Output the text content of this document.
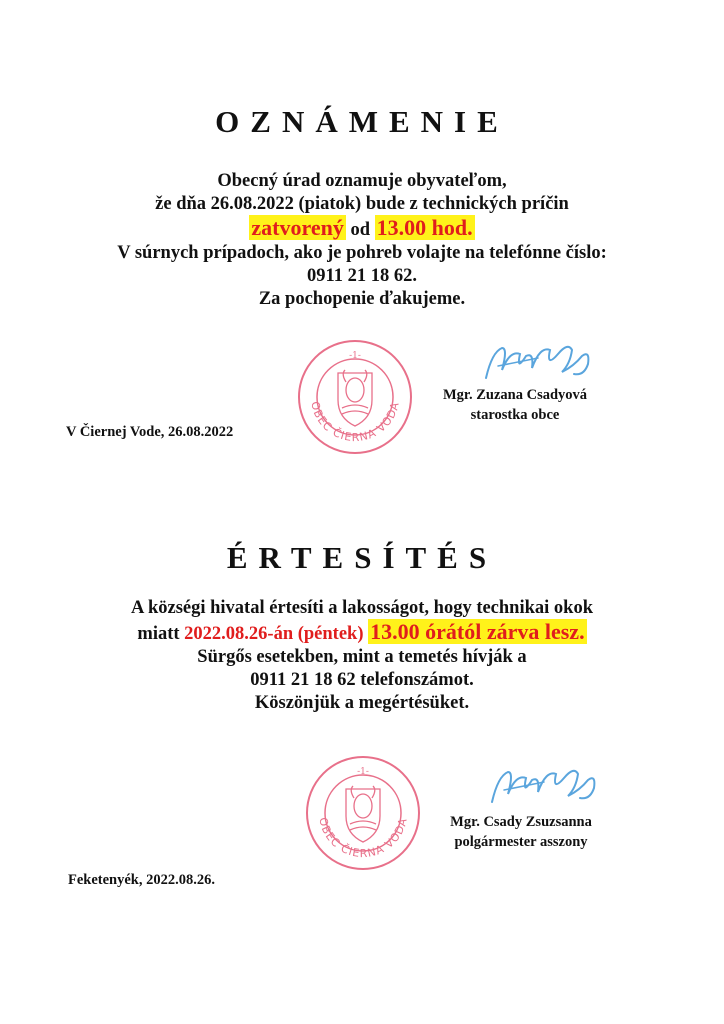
OZNÁMENIE
Obecný úrad oznamuje obyvateľom,
že dňa 26.08.2022 (piatok) bude z technických príčin
zatvorený od 13.00 hod.
V súrnych prípadoch, ako je pohreb volajte na telefónne číslo:
0911 21 18 62.
Za pochopenie ďakujeme.
-1-
OBEC ČIERNA VODA
Mgr. Zuzana Csadyová
starostka obce
V Čiernej Vode, 26.08.2022
ÉRTESÍTÉS
A községi hivatal értesíti a lakosságot, hogy technikai okok
miatt 2022.08.26-án (péntek) 13.00 órától zárva lesz.
Sürgős esetekben, mint a temetés hívják a
0911 21 18 62 telefonszámot.
Köszönjük a megértésüket.
-1-
OBEC ČIERNA VODA	Mgr. Csady Zsuzsanna
polgármester asszony
Feketenyék, 2022.08.26.
